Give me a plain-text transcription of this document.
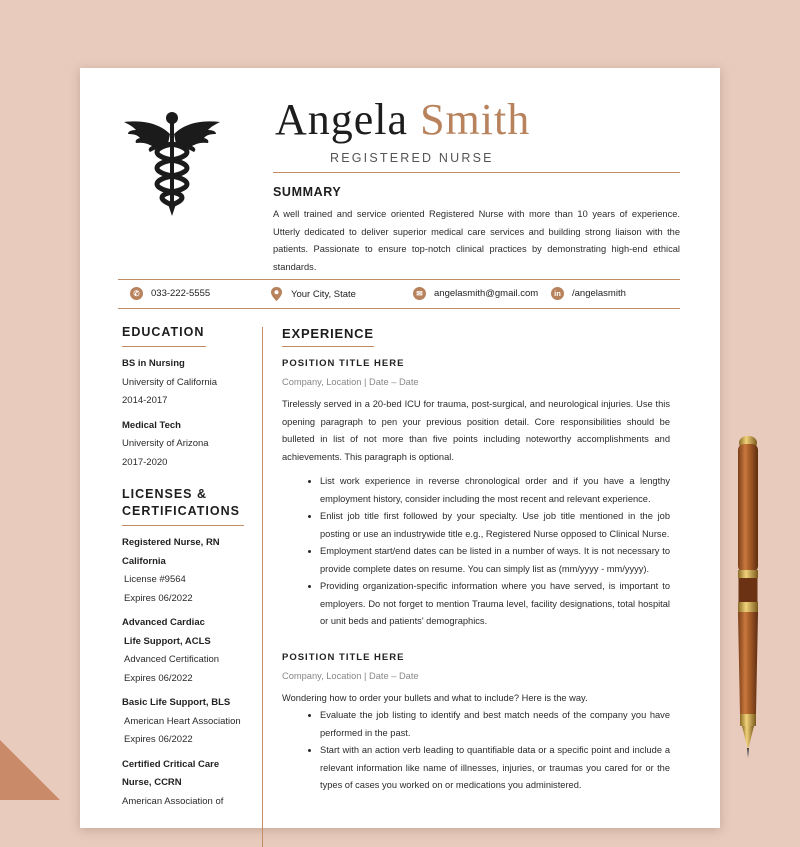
Angela Smith
REGISTERED NURSE
SUMMARY

A well trained and service oriented Registered Nurse with more than 10 years of experience. Utterly dedicated to deliver superior medical care services and building strong liaison with the patients. Passionate to ensure top-notch clinical practices by demonstrating high-end ethical standards.

✆	033-222-5555	Your City, State	✉	angelasmith@gmail.com	in	/angelasmith
EDUCATION
BS in Nursing
University of California
2014-2017
Medical Tech
University of Arizona
2017-2020
LICENSES &
CERTIFICATIONS
Registered Nurse, RN
California
License #9564
Expires 06/2022
Advanced Cardiac
Life Support, ACLS
Advanced Certification
Expires 06/2022
Basic Life Support, BLS
American Heart Association
Expires 06/2022
Certified Critical Care
Nurse, CCRN
American Association of
EXPERIENCE
POSITION TITLE HERE
Company, Location | Date – Date

Tirelessly served in a 20-bed ICU for trauma, post-surgical, and neurological injuries. Use this opening paragraph to pen your previous position detail. Core responsibilities should be bulleted in list of not more than five points including noteworthy accomplishments and achievements. This paragraph is optional.

• List work experience in reverse chronological order and if you have a lengthy employment history, consider including the most recent and relevant experience.
• Enlist job title first followed by your specialty. Use job title mentioned in the job posting or use an industrywide title e.g., Registered Nurse opposed to Clinical Nurse.
• Employment start/end dates can be listed in a number of ways. It is not necessary to provide complete dates on resume. You can simply list as (mm/yyyy - mm/yyyy).
• Providing organization-specific information where you have served, is important to employers. Do not forget to mention Trauma level, facility designations, total hospital or unit beds and patients' demographics.
POSITION TITLE HERE
Company, Location | Date – Date

Wondering how to order your bullets and what to include? Here is the way.

• Evaluate the job listing to identify and best match needs of the company you have performed in the past.
• Start with an action verb leading to quantifiable data or a specific point and include a relevant information like name of illnesses, injuries, or traumas you cared for or the types of cases you worked on or medications you administered.
